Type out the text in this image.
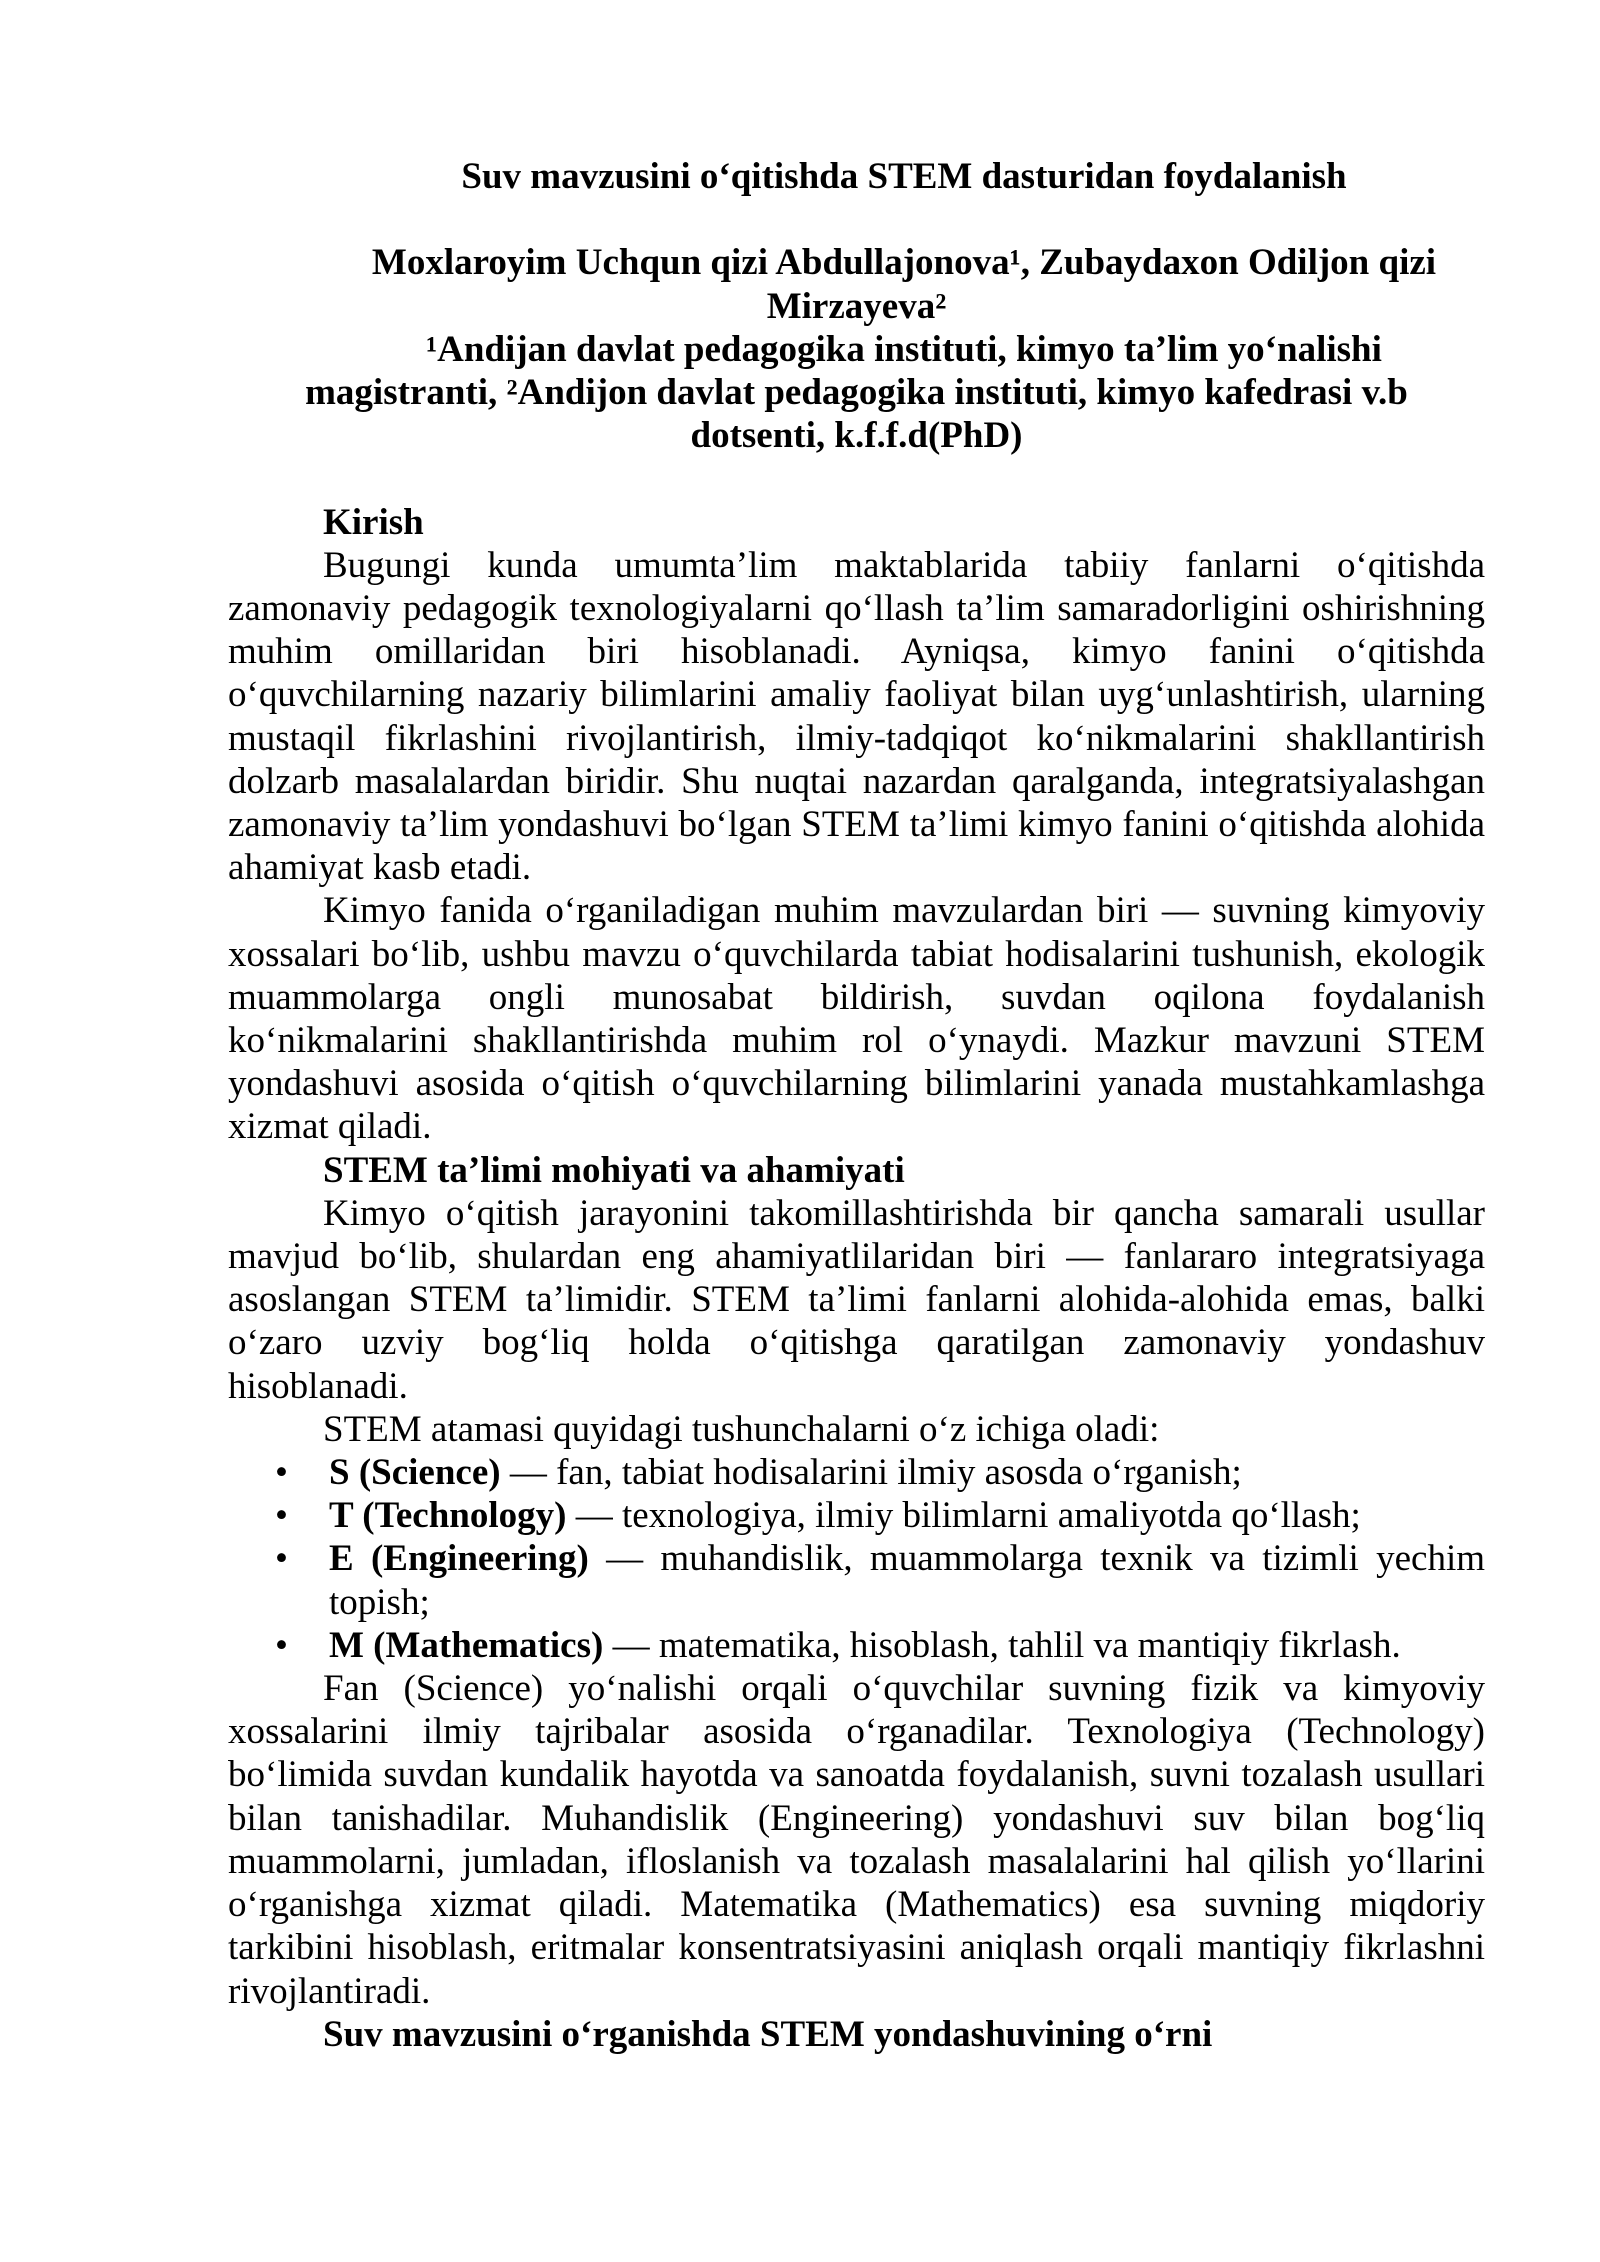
Suv mavzusini o‘qitishda STEM dasturidan foydalanish
Moxlaroyim Uchqun qizi Abdullajonova¹, Zubaydaxon Odiljon qizi
Mirzayeva²
¹Andijan davlat pedagogika instituti, kimyo ta’lim yo‘nalishi
magistranti, ²Andijon davlat pedagogika instituti, kimyo kafedrasi v.b
dotsenti, k.f.f.d(PhD)
Kirish
Bugungi kunda umumta’lim maktablarida tabiiy fanlarni o‘qitishda
zamonaviy pedagogik texnologiyalarni qo‘llash ta’lim samaradorligini oshirishning
muhim omillaridan biri hisoblanadi. Ayniqsa, kimyo fanini o‘qitishda
o‘quvchilarning nazariy bilimlarini amaliy faoliyat bilan uyg‘unlashtirish, ularning
mustaqil fikrlashini rivojlantirish, ilmiy-tadqiqot ko‘nikmalarini shakllantirish
dolzarb masalalardan biridir. Shu nuqtai nazardan qaralganda, integratsiyalashgan
zamonaviy ta’lim yondashuvi bo‘lgan STEM ta’limi kimyo fanini o‘qitishda alohida
ahamiyat kasb etadi.
Kimyo fanida o‘rganiladigan muhim mavzulardan biri — suvning kimyoviy
xossalari bo‘lib, ushbu mavzu o‘quvchilarda tabiat hodisalarini tushunish, ekologik
muammolarga ongli munosabat bildirish, suvdan oqilona foydalanish
ko‘nikmalarini shakllantirishda muhim rol o‘ynaydi. Mazkur mavzuni STEM
yondashuvi asosida o‘qitish o‘quvchilarning bilimlarini yanada mustahkamlashga
xizmat qiladi.
STEM ta’limi mohiyati va ahamiyati
Kimyo o‘qitish jarayonini takomillashtirishda bir qancha samarali usullar
mavjud bo‘lib, shulardan eng ahamiyatlilaridan biri — fanlararo integratsiyaga
asoslangan STEM ta’limidir. STEM ta’limi fanlarni alohida-alohida emas, balki
o‘zaro uzviy bog‘liq holda o‘qitishga qaratilgan zamonaviy yondashuv
hisoblanadi.
STEM atamasi quyidagi tushunchalarni o‘z ichiga oladi:
• S (Science) — fan, tabiat hodisalarini ilmiy asosda o‘rganish;
• T (Technology) — texnologiya, ilmiy bilimlarni amaliyotda qo‘llash;
• E (Engineering) — muhandislik, muammolarga texnik va tizimli yechim topish;
• M (Mathematics) — matematika, hisoblash, tahlil va mantiqiy fikrlash.
Fan (Science) yo‘nalishi orqali o‘quvchilar suvning fizik va kimyoviy
xossalarini ilmiy tajribalar asosida o‘rganadilar. Texnologiya (Technology)
bo‘limida suvdan kundalik hayotda va sanoatda foydalanish, suvni tozalash usullari
bilan tanishadilar. Muhandislik (Engineering) yondashuvi suv bilan bog‘liq
muammolarni, jumladan, ifloslanish va tozalash masalalarini hal qilish yo‘llarini
o‘rganishga xizmat qiladi. Matematika (Mathematics) esa suvning miqdoriy
tarkibini hisoblash, eritmalar konsentratsiyasini aniqlash orqali mantiqiy fikrlashni
rivojlantiradi.
Suv mavzusini o‘rganishda STEM yondashuvining o‘rni
